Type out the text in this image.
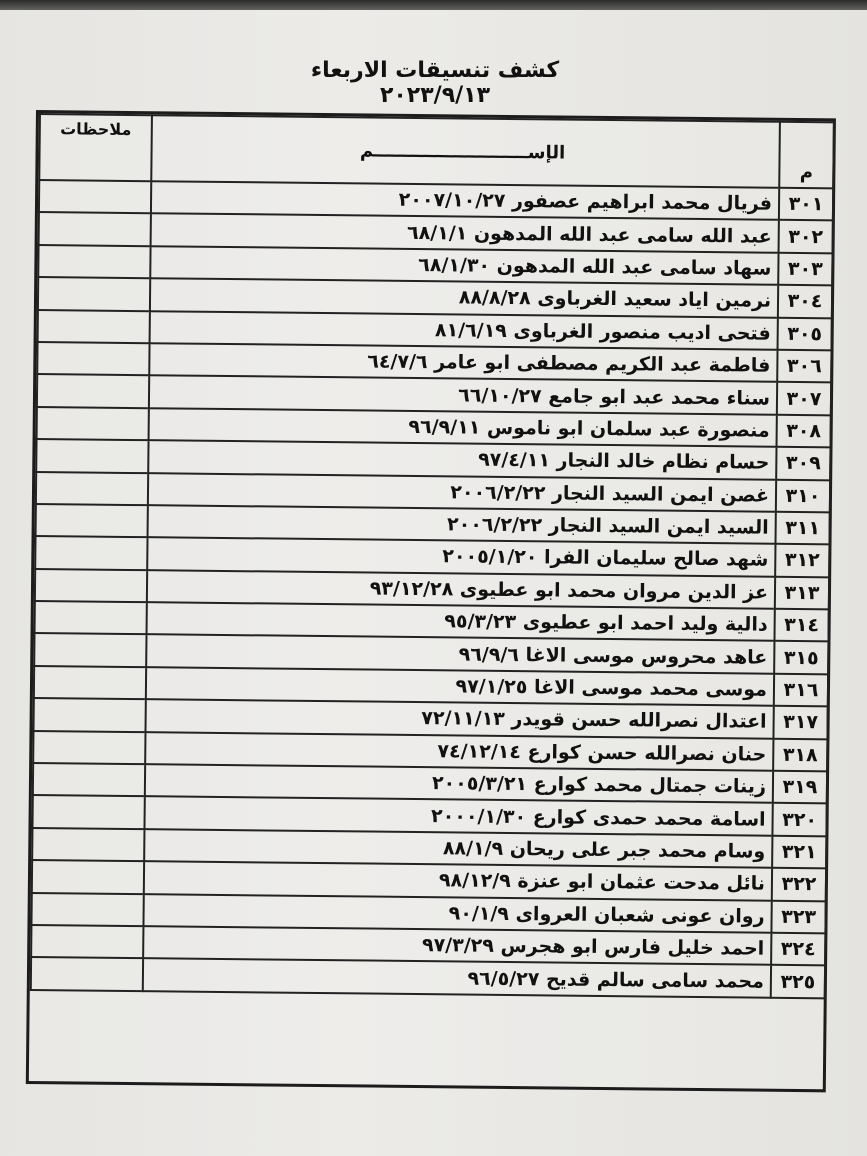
كشف تنسيقات الاربعاء ٢٠٢٣/٩/١٣
م	الإســـــــــــــــــــــــــم	ملاحظات
٣٠١	فريال محمد ابراهيم عصفور ٢٠٠٧/١٠/٢٧	
٣٠٢	عبد الله سامى عبد الله المدهون ٦٨/١/١	
٣٠٣	سهاد سامى عبد الله المدهون ٦٨/١/٣٠	
٣٠٤	نرمين اياد سعيد الغرباوى ٨٨/٨/٢٨	
٣٠٥	فتحى اديب منصور الغرباوى ٨١/٦/١٩	
٣٠٦	فاطمة عبد الكريم مصطفى ابو عامر ٦٤/٧/٦	
٣٠٧	سناء محمد عبد ابو جامع ٦٦/١٠/٢٧	
٣٠٨	منصورة عبد سلمان ابو ناموس ٩٦/٩/١١	
٣٠٩	حسام نظام خالد النجار ٩٧/٤/١١	
٣١٠	غصن ايمن السيد النجار ٢٠٠٦/٢/٢٢	
٣١١	السيد ايمن السيد النجار ٢٠٠٦/٢/٢٢	
٣١٢	شهد صالح سليمان الفرا ٢٠٠٥/١/٢٠	
٣١٣	عز الدين مروان محمد ابو عطيوى ٩٣/١٢/٢٨	
٣١٤	دالية وليد احمد ابو عطيوى ٩٥/٣/٢٣	
٣١٥	عاهد محروس موسى الاغا ٩٦/٩/٦	
٣١٦	موسى محمد موسى الاغا ٩٧/١/٢٥	
٣١٧	اعتدال نصرالله حسن قويدر ٧٢/١١/١٣	
٣١٨	حنان نصرالله حسن كوارع ٧٤/١٢/١٤	
٣١٩	زينات جمتال محمد كوارع ٢٠٠٥/٣/٢١	
٣٢٠	اسامة محمد حمدى كوارع ٢٠٠٠/١/٣٠	
٣٢١	وسام محمد جبر على ريحان ٨٨/١/٩	
٣٢٢	نائل مدحت عثمان ابو عنزة ٩٨/١٢/٩	
٣٢٣	روان عونى شعبان العرواى ٩٠/١/٩	
٣٢٤	احمد خليل فارس ابو هجرس ٩٧/٣/٢٩	
٣٢٥	محمد سامى سالم قديح ٩٦/٥/٢٧	
